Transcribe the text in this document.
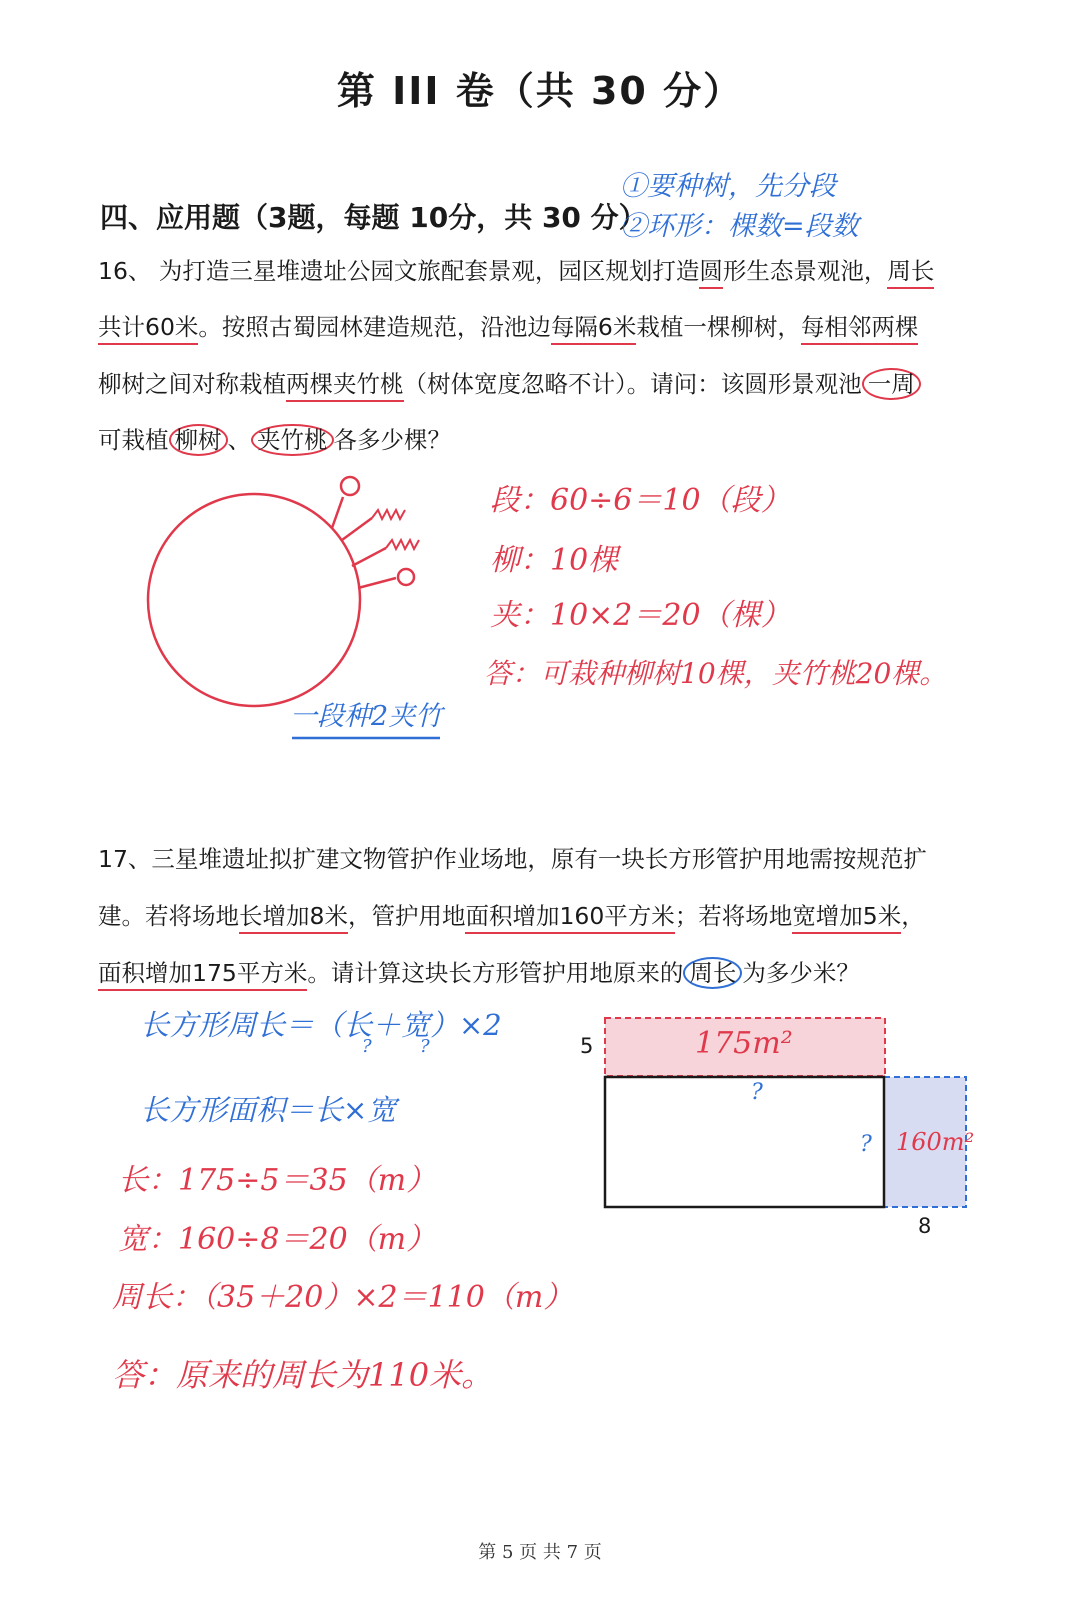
第 III 卷（共 30 分）
四、应用题（3题，每题 10分，共 30 分）
①要种树，先分段
②环形：棵数=段数
16、 为打造三星堆遗址公园文旅配套景观，园区规划打造圆形生态景观池，周长
共计60米。按照古蜀园林建造规范，沿池边每隔6米栽植一棵柳树，每相邻两棵
柳树之间对称栽植两棵夹竹桃（树体宽度忽略不计）。请问：该圆形景观池 一周
可栽植 柳树 、 夹竹桃 各多少棵？
一段种2夹竹
段：60÷6＝10（段）
柳：10棵
夹：10×2＝20（棵）
答：可栽种柳树10棵，夹竹桃20棵。
17、三星堆遗址拟扩建文物管护作业场地，原有一块长方形管护用地需按规范扩
建。若将场地长增加8米，管护用地面积增加160平方米；若将场地宽增加5米，
面积增加175平方米。请计算这块长方形管护用地原来的 周长 为多少米？
长方形周长＝（长＋宽）×2
?	?
长方形面积＝长×宽
长：175÷5＝35（m）
宽：160÷8＝20（m）
周长：（35＋20）×2＝110（m）
答：原来的周长为110米。
5
8
175m²
160m²
?
?
第 5 页 共 7 页
